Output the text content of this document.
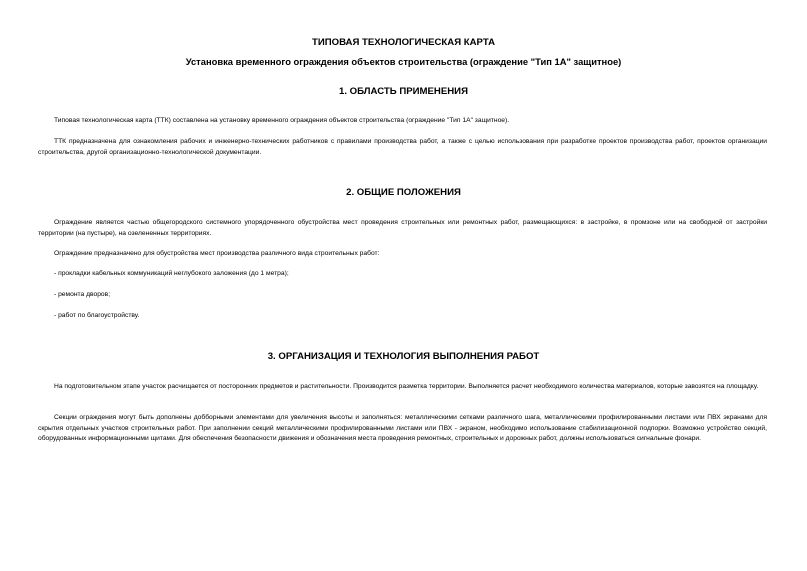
ТИПОВАЯ ТЕХНОЛОГИЧЕСКАЯ КАРТА
Установка временного ограждения объектов строительства (ограждение "Тип 1А" защитное)
1. ОБЛАСТЬ ПРИМЕНЕНИЯ
Типовая технологическая карта (ТТК) составлена на установку временного ограждения объектов строительства (ограждение "Тип 1А" защитное).
ТТК предназначена для ознакомления рабочих и инженерно-технических работников с правилами производства работ, а также с целью использования при разработке проектов производства работ, проектов организации строительства, другой организационно-технологической документации.
2. ОБЩИЕ ПОЛОЖЕНИЯ
Ограждение является частью общегородского системного упорядоченного обустройства мест проведения строительных или ремонтных работ, размещающихся: в застройке, в промзоне или на свободной от застройки территории (на пустыре), на озелененных территориях.
Ограждение предназначено для обустройства мест производства различного вида строительных работ:
- прокладки кабельных коммуникаций неглубокого заложения (до 1 метра);
- ремонта дворов;
- работ по благоустройству.
3. ОРГАНИЗАЦИЯ И ТЕХНОЛОГИЯ ВЫПОЛНЕНИЯ РАБОТ
На подготовительном этапе участок расчищается от посторонних предметов и растительности. Производится разметка территории. Выполняется расчет необходимого количества материалов, которые завозятся на площадку.
Секции ограждения могут быть дополнены добборными элементами для увеличения высоты и заполняться: металлическими сетками различного шага, металлическими профилированными листами или ПВХ экранами для скрытия отдельных участков строительных работ. При заполнении секций металлическими профилированными листами или ПВХ - экраном, необходимо использование стабилизационной подпорки. Возможно устройство секций, оборудованных информационными щитами. Для обеспечения безопасности движения и обозначения места проведения ремонтных, строительных и дорожных работ, должны использоваться сигнальные фонари.
